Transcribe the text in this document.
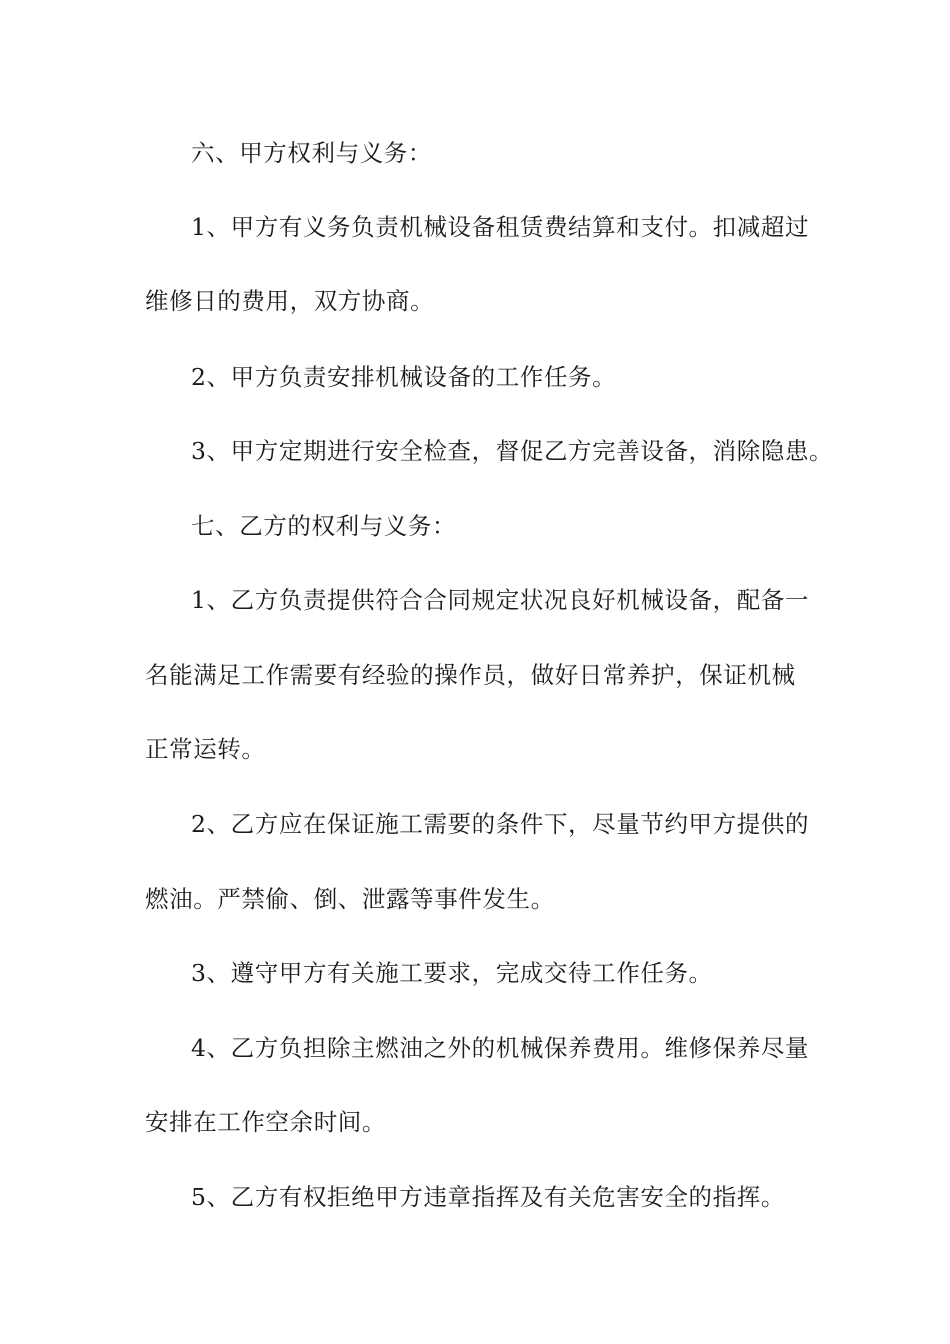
六、甲方权利与义务：
1、甲方有义务负责机械设备租赁费结算和支付。扣减超过
维修日的费用，双方协商。
2、甲方负责安排机械设备的工作任务。
3、甲方定期进行安全检查，督促乙方完善设备，消除隐患。
七、乙方的权利与义务：
1、乙方负责提供符合合同规定状况良好机械设备，配备一
名能满足工作需要有经验的操作员，做好日常养护，保证机械
正常运转。
2、乙方应在保证施工需要的条件下，尽量节约甲方提供的
燃油。严禁偷、倒、泄露等事件发生。
3、遵守甲方有关施工要求，完成交待工作任务。
4、乙方负担除主燃油之外的机械保养费用。维修保养尽量
安排在工作空余时间。
5、乙方有权拒绝甲方违章指挥及有关危害安全的指挥。
